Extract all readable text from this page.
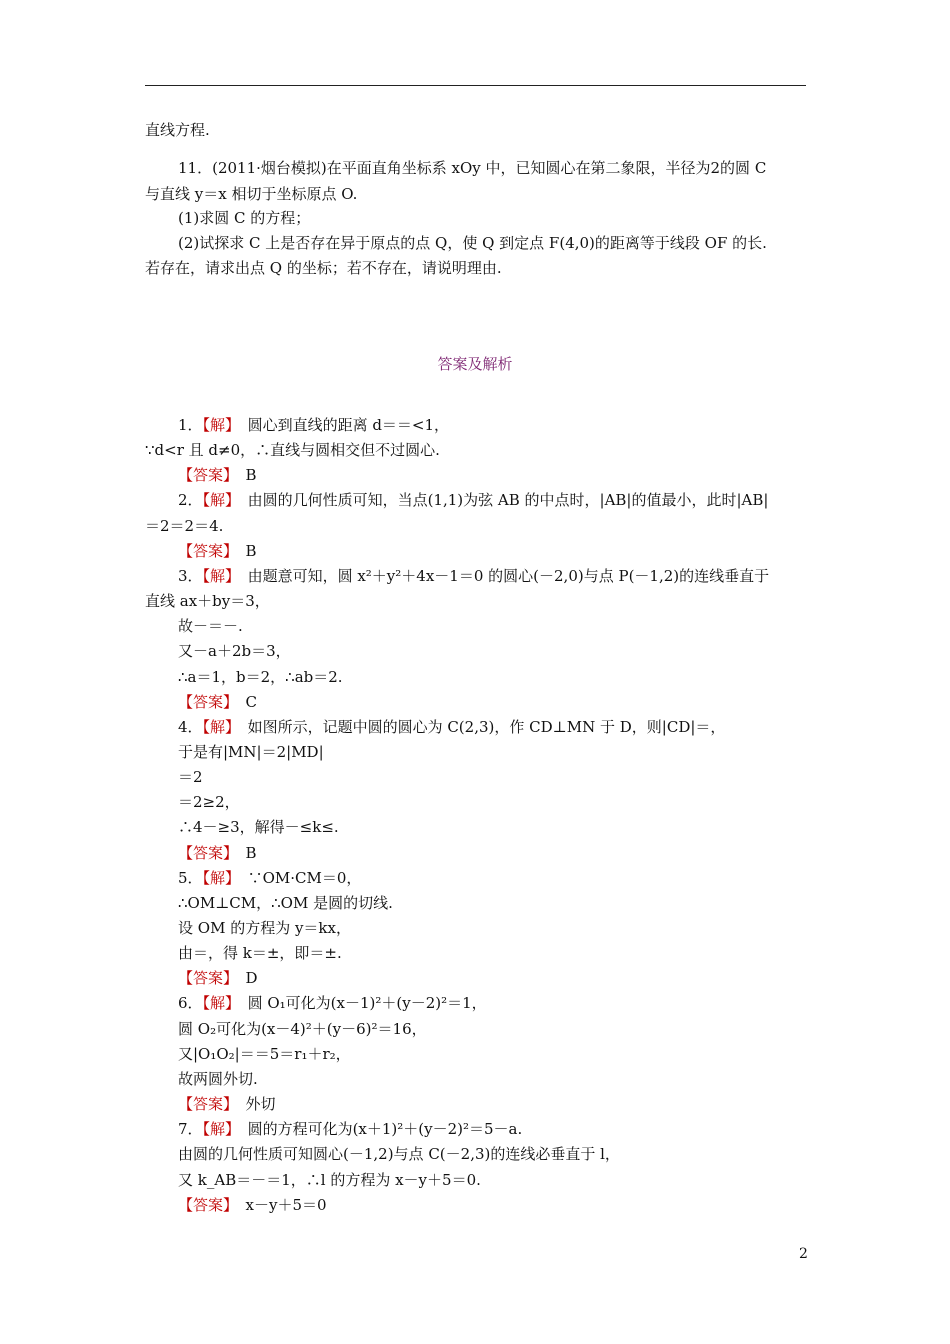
直线方程.
11．(2011·烟台模拟)在平面直角坐标系 xOy 中，已知圆心在第二象限，半径为2的圆 C
与直线 y＝x 相切于坐标原点 O.
(1)求圆 C 的方程；
(2)试探求 C 上是否存在异于原点的点 Q，使 Q 到定点 F(4,0)的距离等于线段 OF 的长.
若存在，请求出点 Q 的坐标；若不存在，请说明理由.
答案及解析
1．【解】　圆心到直线的距离 d＝＝<1，
∵d<r 且 d≠0，∴直线与圆相交但不过圆心.
【答案】　B
2．【解】　由圆的几何性质可知，当点(1,1)为弦 AB 的中点时，|AB|的值最小，此时|AB|
＝2＝2＝4.
【答案】　B
3．【解】　由题意可知，圆 x²＋y²＋4x－1＝0 的圆心(－2,0)与点 P(－1,2)的连线垂直于
直线 ax＋by＝3，
故－＝－.
又－a＋2b＝3，
∴a＝1，b＝2，∴ab＝2.
【答案】　C
4．【解】　如图所示，记题中圆的圆心为 C(2,3)，作 CD⊥MN 于 D，则|CD|＝，
于是有|MN|＝2|MD|
＝2
＝2≥2，
∴4－≥3，解得－≤k≤.
【答案】　B
5．【解】　∵OM·CM＝0，
∴OM⊥CM，∴OM 是圆的切线.
设 OM 的方程为 y＝kx，
由＝，得 k＝±，即＝±.
【答案】　D
6．【解】　圆 O₁可化为(x－1)²＋(y－2)²＝1，
圆 O₂可化为(x－4)²＋(y－6)²＝16，
又|O₁O₂|＝＝5＝r₁＋r₂，
故两圆外切.
【答案】　外切
7．【解】　圆的方程可化为(x＋1)²＋(y－2)²＝5－a.
由圆的几何性质可知圆心(－1,2)与点 C(－2,3)的连线必垂直于 l，
又 k_AB＝－＝1，∴l 的方程为 x－y＋5＝0.
【答案】　x－y＋5＝0
2
